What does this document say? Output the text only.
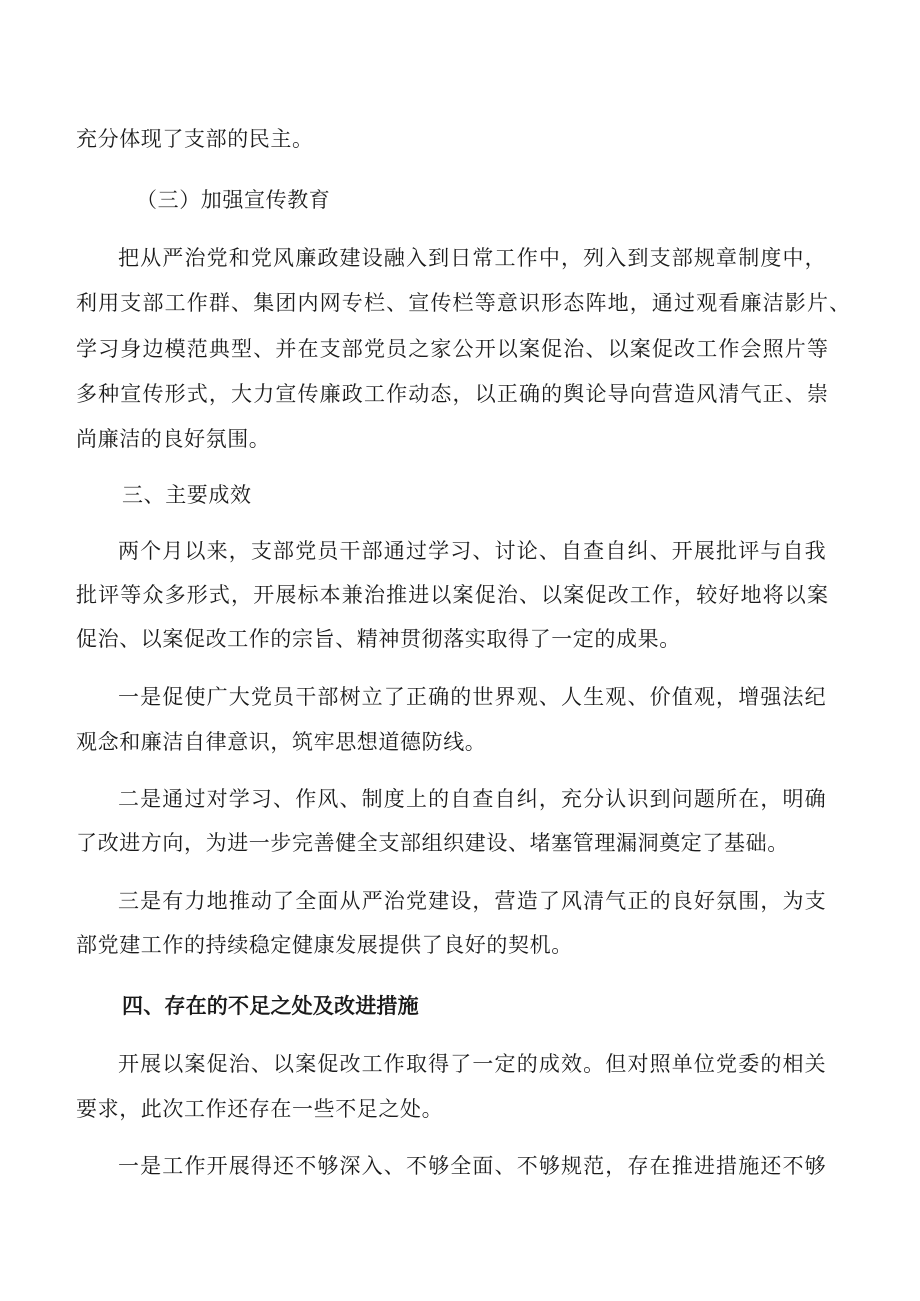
充分体现了支部的民主。
（三）加强宣传教育
把从严治党和党风廉政建设融入到日常工作中，列入到支部规章制度中，
利用支部工作群、集团内网专栏、宣传栏等意识形态阵地，通过观看廉洁影片、
学习身边模范典型、并在支部党员之家公开以案促治、以案促改工作会照片等
多种宣传形式，大力宣传廉政工作动态，以正确的舆论导向营造风清气正、崇
尚廉洁的良好氛围。
三、主要成效
两个月以来，支部党员干部通过学习、讨论、自查自纠、开展批评与自我
批评等众多形式，开展标本兼治推进以案促治、以案促改工作，较好地将以案
促治、以案促改工作的宗旨、精神贯彻落实取得了一定的成果。
一是促使广大党员干部树立了正确的世界观、人生观、价值观，增强法纪
观念和廉洁自律意识，筑牢思想道德防线。
二是通过对学习、作风、制度上的自查自纠，充分认识到问题所在，明确
了改进方向，为进一步完善健全支部组织建设、堵塞管理漏洞奠定了基础。
三是有力地推动了全面从严治党建设，营造了风清气正的良好氛围，为支
部党建工作的持续稳定健康发展提供了良好的契机。
四、存在的不足之处及改进措施
开展以案促治、以案促改工作取得了一定的成效。但对照单位党委的相关
要求，此次工作还存在一些不足之处。
一是工作开展得还不够深入、不够全面、不够规范，存在推进措施还不够
